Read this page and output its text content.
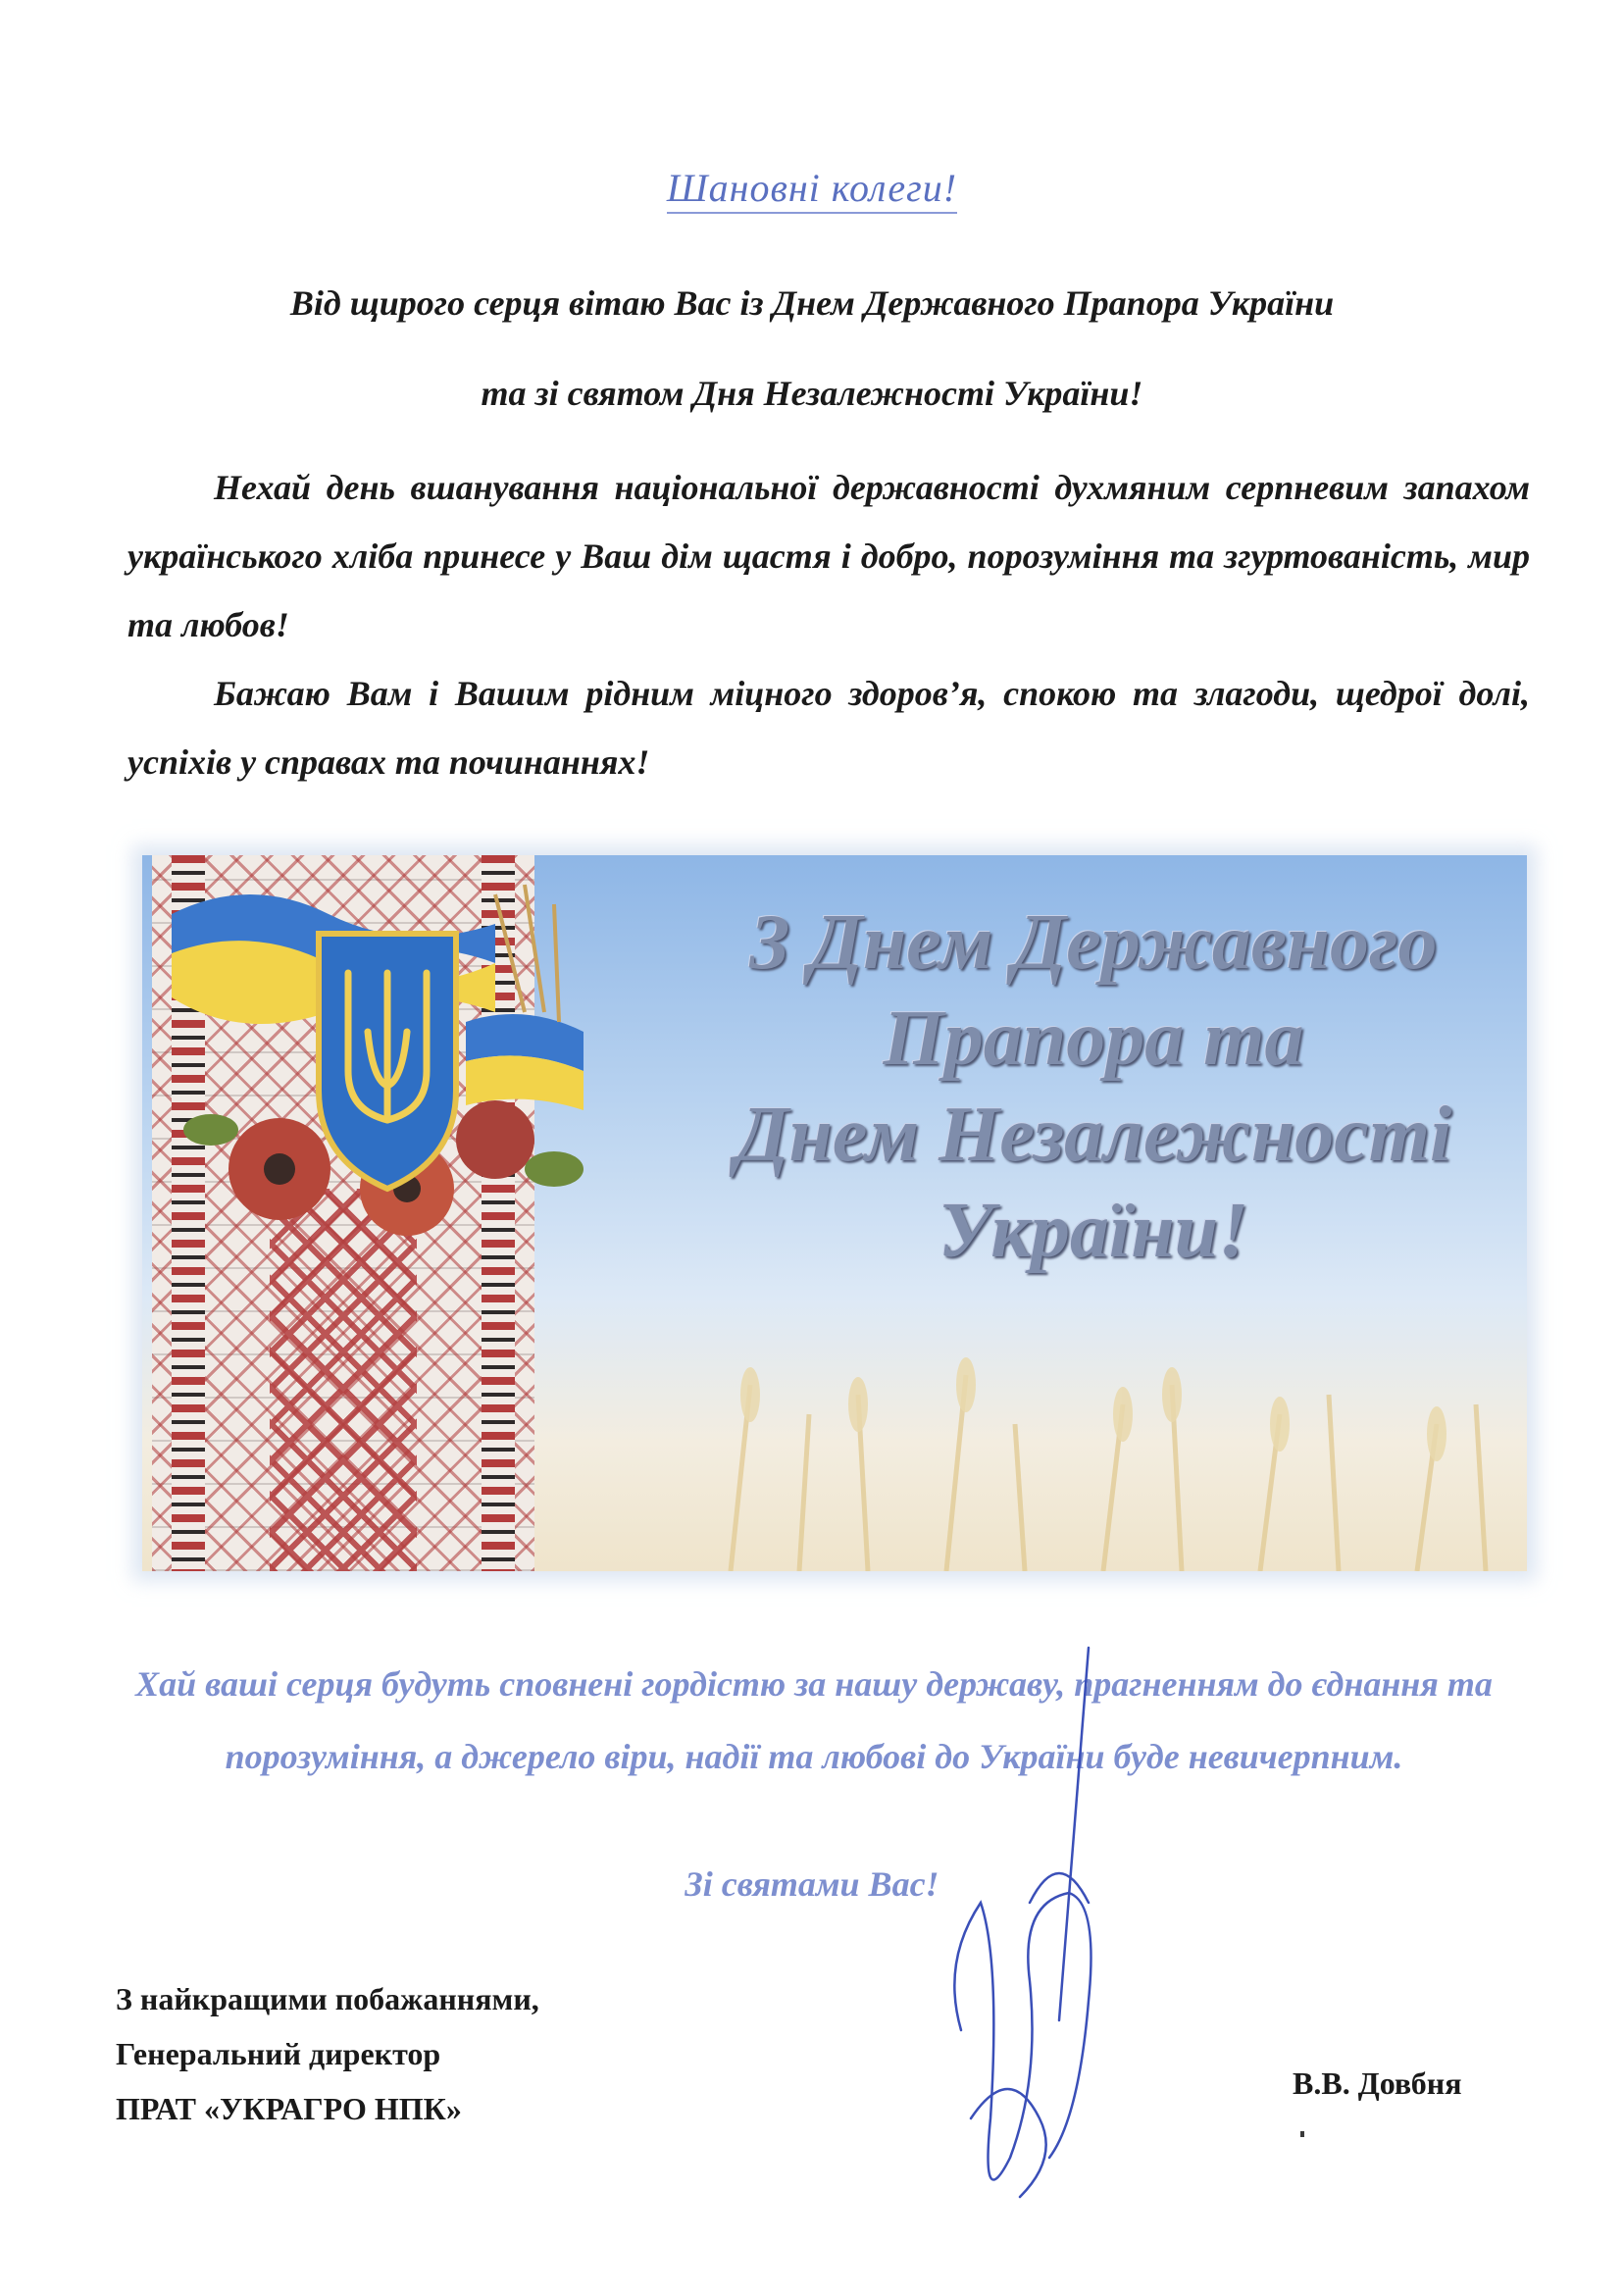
Шановні колеги!
Від щирого серця вітаю Вас із Днем Державного Прапора України
та зі святом Дня Незалежності України!
Нехай день вшанування національної державності духмяним серпневим запахом українського хліба принесе у Ваш дім щастя і добро, порозуміння та згуртованість, мир та любов!
Бажаю Вам і Вашим рідним міцного здоров’я, спокою та злагоди, щедрої долі, успіхів у справах та починаннях!
З Днем Державного
Прапора та
Днем Незалежності
України!
Хай ваші серця будуть сповнені гордістю за нашу державу, прагненням до єднання та порозуміння, а джерело віри, надії та любові до України буде невичерпним.
Зі святами Вас!
З найкращими побажаннями,
Генеральний директор
ПРАТ «УКРАГРО НПК»
В.В. Довбня
